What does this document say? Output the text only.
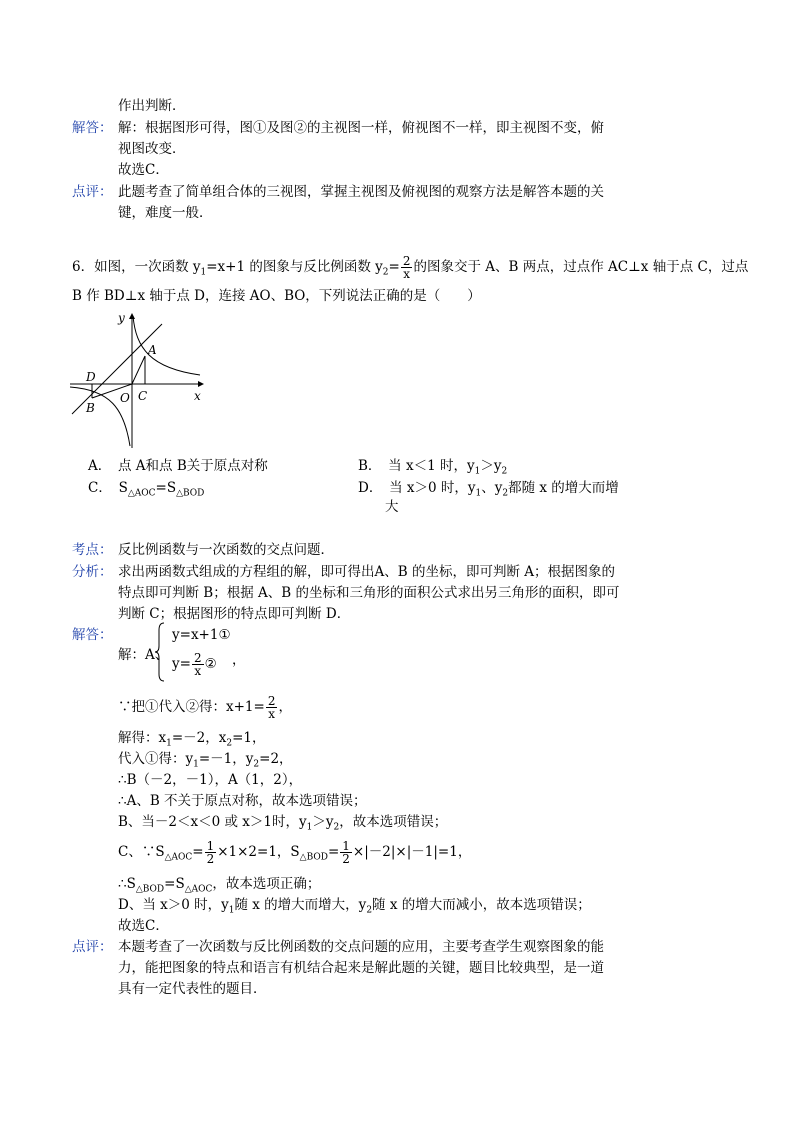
作出判断．
解答： 解：根据图形可得，图①及图②的主视图一样，俯视图不一样，即主视图不变，俯
视图改变．
故选C．
点评： 此题考查了简单组合体的三视图，掌握主视图及俯视图的观察方法是解答本题的关
键，难度一般．
6．如图，一次函数 $y_1=x+1$ 的图象与反比例函数 $y_2= \frac{2}{x}$ 的图象交于 A、B 两点，过点作 AC⊥x 轴于点 C，过点
B 作 BD⊥x 轴于点 D，连接 AO、BO，下列说法正确的是（　　）
y
x
A
B
C
D
O
A．　点 A和点 B关于原点对称	B．　当 x＜1 时，$y_1>y_2$
C．　$S_{\triangle AOC}=S_{\triangle BOD}$	D．　当 x＞0 时，$y_1$、$y_2$都随 x 的增大而增
大
考点： 反比例函数与一次函数的交点问题．
分析： 求出两函数式组成的方程组的解，即可得出A、B 的坐标，即可判断 A；根据图象的
特点即可判断 B；根据 A、B 的坐标和三角形的面积公式求出另三角形的面积，即可
判断 C；根据图形的特点即可判断 D．
解答：
解：A、
y=x+1①
$y= \frac{2}{x}$ ② ，
∵把①代入②得：$x+1= \frac{2}{x}$ ，
解得：$x_1=-2$，$x_2=1$，
代入①得：$y_1=-1$，$y_2=2$，
∴B（－2，－1），A（1，2），
∴A、B 不关于原点对称，故本选项错误；
B、当－2＜x＜0 或 x＞1时，$y_1>y_2$，故本选项错误；
C、$\because S_{\triangle AOC}= \frac{1}{2} \times 1\times 2=1$，$S_{\triangle BOD}= \frac{1}{2} \times|-2|\times|-1|=1$，
$\therefore S_{\triangle BOD}=S_{\triangle AOC}$，故本选项正确；
D、当 x＞0 时，$y_1$随 x 的增大而增大，$y_2$随 x 的增大而减小，故本选项错误；
故选C．
点评： 本题考查了一次函数与反比例函数的交点问题的应用，主要考查学生观察图象的能
力，能把图象的特点和语言有机结合起来是解此题的关键，题目比较典型，是一道
具有一定代表性的题目．
